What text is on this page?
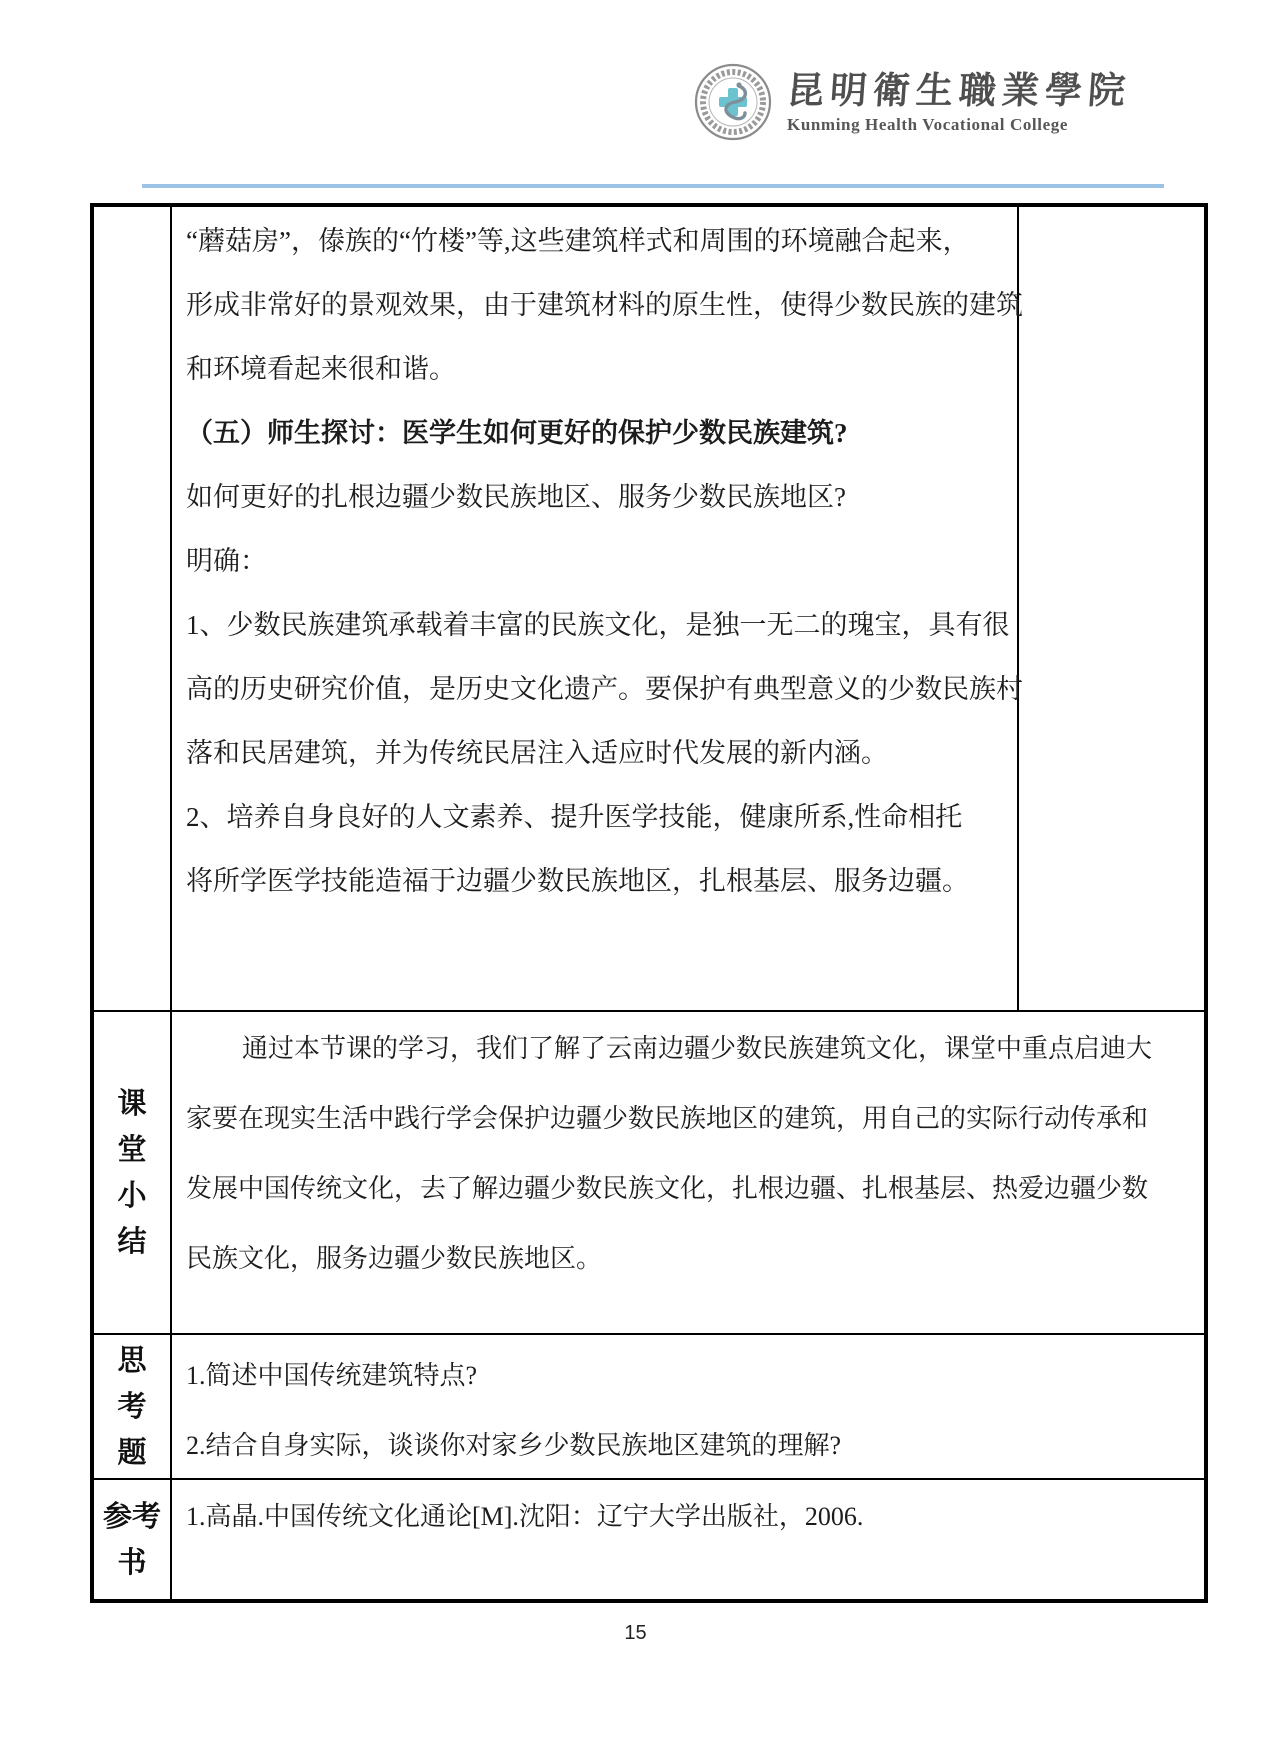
昆明衛生職業學院
Kunming Health Vocational College
“蘑菇房”，傣族的“竹楼”等,这些建筑样式和周围的环境融合起来，
形成非常好的景观效果，由于建筑材料的原生性，使得少数民族的建筑
和环境看起来很和谐。
（五）师生探讨：医学生如何更好的保护少数民族建筑?
如何更好的扎根边疆少数民族地区、服务少数民族地区?
明确：
1、少数民族建筑承载着丰富的民族文化，是独一无二的瑰宝，具有很
高的历史研究价值，是历史文化遗产。要保护有典型意义的少数民族村
落和民居建筑，并为传统民居注入适应时代发展的新内涵。
2、培养自身良好的人文素养、提升医学技能，健康所系,性命相托
将所学医学技能造福于边疆少数民族地区，扎根基层、服务边疆。
课
堂
小
结
通过本节课的学习，我们了解了云南边疆少数民族建筑文化，课堂中重点启迪大
家要在现实生活中践行学会保护边疆少数民族地区的建筑，用自己的实际行动传承和
发展中国传统文化，去了解边疆少数民族文化，扎根边疆、扎根基层、热爱边疆少数
民族文化，服务边疆少数民族地区。
思
考
题
1.简述中国传统建筑特点?
2.结合自身实际，谈谈你对家乡少数民族地区建筑的理解?
参考
书
1.高晶.中国传统文化通论[M].沈阳：辽宁大学出版社，2006.
15
